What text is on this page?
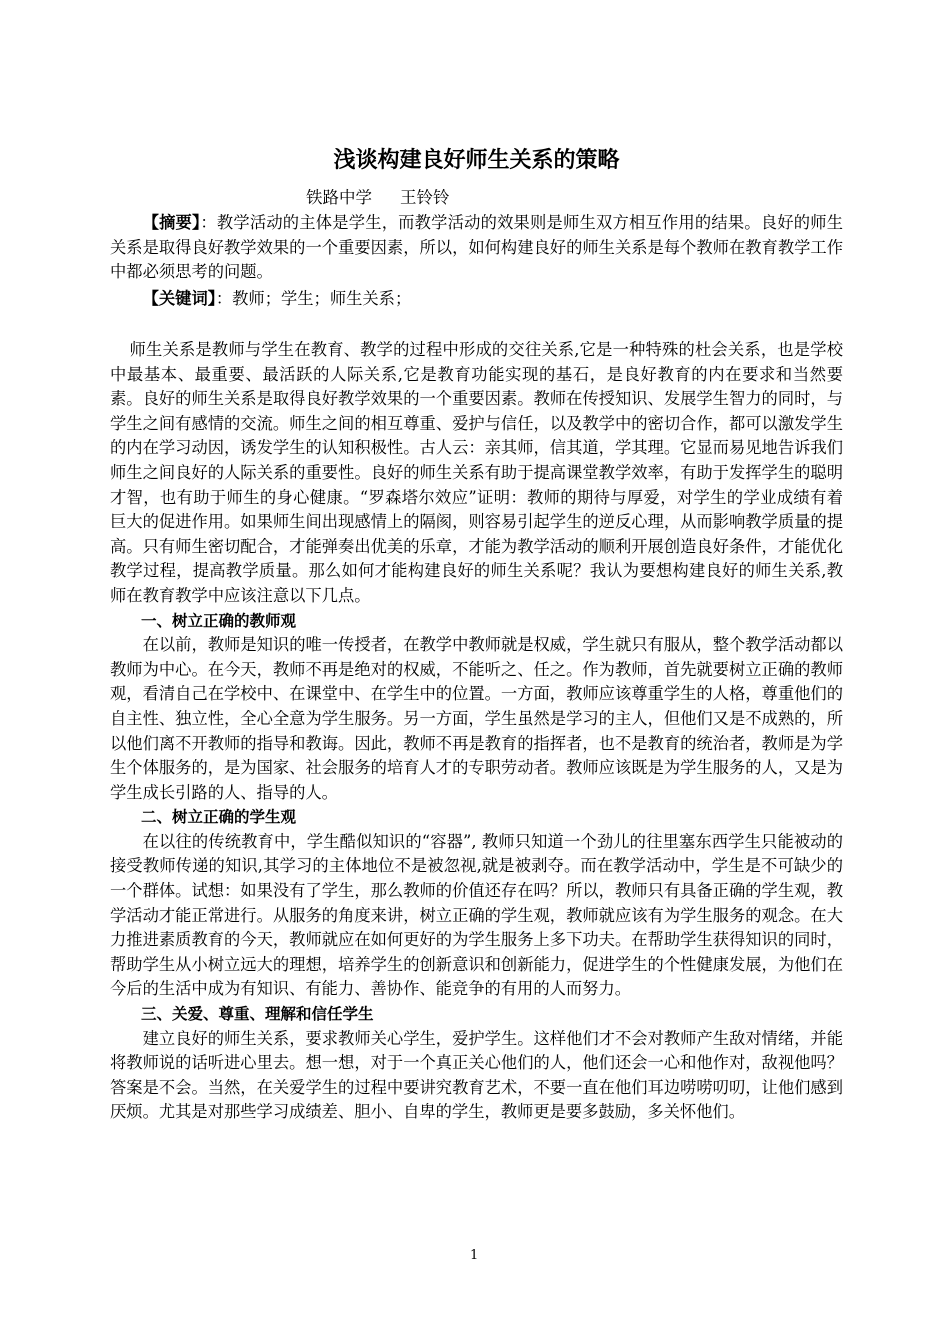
浅谈构建良好师生关系的策略
铁路中学 王铃铃

【摘要】：教学活动的主体是学生，而教学活动的效果则是师生双方相互作用的结果。良好的师生关系是取得良好教学效果的一个重要因素，所以，如何构建良好的师生关系是每个教师在教育教学工作中都必须思考的问题。

【关键词】：教师；学生；师生关系；

师生关系是教师与学生在教育、教学的过程中形成的交往关系,它是一种特殊的杜会关系，也是学校中最基本、最重要、最活跃的人际关系,它是教育功能实现的基石，是良好教育的内在要求和当然要素。良好的师生关系是取得良好教学效果的一个重要因素。教师在传授知识、发展学生智力的同时，与学生之间有感情的交流。师生之间的相互尊重、爱护与信任，以及教学中的密切合作，都可以激发学生的内在学习动因，诱发学生的认知积极性。古人云：亲其师，信其道，学其理。它显而易见地告诉我们师生之间良好的人际关系的重要性。良好的师生关系有助于提高课堂教学效率，有助于发挥学生的聪明才智，也有助于师生的身心健康。“罗森塔尔效应”证明：教师的期待与厚爱，对学生的学业成绩有着巨大的促进作用。如果师生间出现感情上的隔阂，则容易引起学生的逆反心理，从而影响教学质量的提高。只有师生密切配合，才能弹奏出优美的乐章，才能为教学活动的顺利开展创造良好条件，才能优化教学过程，提高教学质量。那么如何才能构建良好的师生关系呢？我认为要想构建良好的师生关系,教师在教育教学中应该注意以下几点。

一、树立正确的教师观

在以前，教师是知识的唯一传授者，在教学中教师就是权威，学生就只有服从，整个教学活动都以教师为中心。在今天，教师不再是绝对的权威，不能听之、任之。作为教师，首先就要树立正确的教师观，看清自己在学校中、在课堂中、在学生中的位置。一方面，教师应该尊重学生的人格，尊重他们的自主性、独立性，全心全意为学生服务。另一方面，学生虽然是学习的主人，但他们又是不成熟的，所以他们离不开教师的指导和教诲。因此，教师不再是教育的指挥者，也不是教育的统治者，教师是为学生个体服务的，是为国家、社会服务的培育人才的专职劳动者。教师应该既是为学生服务的人，又是为学生成长引路的人、指导的人。

二、树立正确的学生观

在以往的传统教育中，学生酷似知识的“容器”, 教师只知道一个劲儿的往里塞东西学生只能被动的接受教师传递的知识,其学习的主体地位不是被忽视,就是被剥夺。而在教学活动中，学生是不可缺少的一个群体。试想：如果没有了学生，那么教师的价值还存在吗？所以，教师只有具备正确的学生观，教学活动才能正常进行。从服务的角度来讲，树立正确的学生观，教师就应该有为学生服务的观念。在大力推进素质教育的今天，教师就应在如何更好的为学生服务上多下功夫。在帮助学生获得知识的同时，帮助学生从小树立远大的理想，培养学生的创新意识和创新能力，促进学生的个性健康发展，为他们在今后的生活中成为有知识、有能力、善协作、能竞争的有用的人而努力。

三、关爱、尊重、理解和信任学生

建立良好的师生关系，要求教师关心学生，爱护学生。这样他们才不会对教师产生敌对情绪，并能将教师说的话听进心里去。想一想，对于一个真正关心他们的人，他们还会一心和他作对，敌视他吗？答案是不会。当然，在关爱学生的过程中要讲究教育艺术，不要一直在他们耳边唠唠叨叨，让他们感到厌烦。尤其是对那些学习成绩差、胆小、自卑的学生，教师更是要多鼓励，多关怀他们。

1
